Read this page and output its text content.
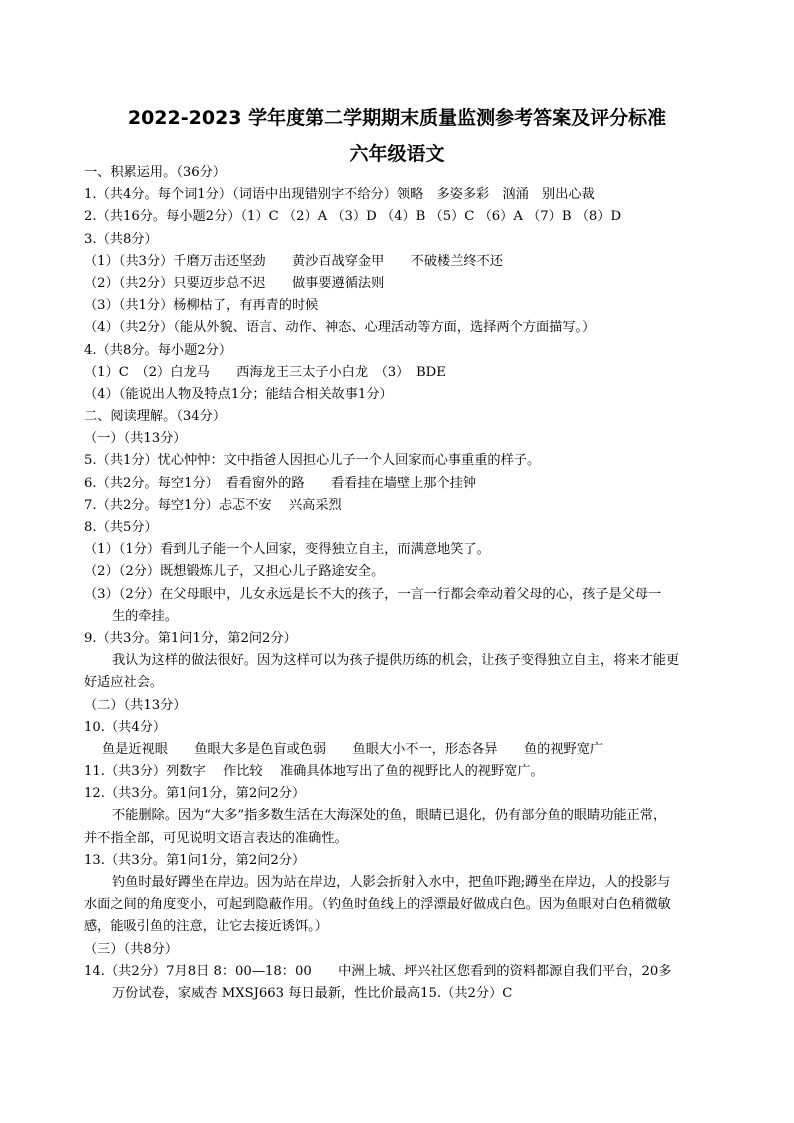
2022-2023 学年度第二学期期末质量监测参考答案及评分标准
六年级语文
一、积累运用。（36分）
1.（共4分。每个词1分）（词语中出现错别字不给分）领略　多姿多彩　汹涌　别出心裁
2.（共16分。每小题2分）（1）C （2）A （3）D （4）B （5）C （6）A （7）B （8）D
3.（共8分）
（1）（共3分）千磨万击还坚劲　　黄沙百战穿金甲　　不破楼兰终不还
（2）（共2分）只要迈步总不迟　　做事要遵循法则
（3）（共1分）杨柳枯了，有再青的时候
（4）（共2分）（能从外貌、语言、动作、神态、心理活动等方面，选择两个方面描写。）
4.（共8分。每小题2分）
（1）C　（2）白龙马　　西海龙王三太子小白龙　（3）　BDE
（4）（能说出人物及特点1分；能结合相关故事1分）
二、阅读理解。（34分）
（一）（共13分）
5.（共1分）忧心忡忡：文中指爸人因担心儿子一个人回家而心事重重的样子。
6.（共2分。每空1分）　看看窗外的路　　看看挂在墙壁上那个挂钟
7.（共2分。每空1分）忐忑不安　 兴高采烈
8.（共5分）
（1）（1分）看到儿子能一个人回家，变得独立自主，而满意地笑了。
（2）（2分）既想锻炼儿子，又担心儿子路途安全。
（3）（2分）在父母眼中，儿女永远是长不大的孩子，一言一行都会牵动着父母的心，孩子是父母一
生的牵挂。
9.（共3分。第1问1分，第2问2分）
我认为这样的做法很好。因为这样可以为孩子提供历练的机会，让孩子变得独立自主，将来才能更
好适应社会。
（二）（共13分）
10.（共4分）
鱼是近视眼　　鱼眼大多是色盲或色弱　　鱼眼大小不一，形态各异　　鱼的视野宽广
11.（共3分）列数字　 作比较　 准确具体地写出了鱼的视野比人的视野宽广。
12.（共3分。第1问1分，第2问2分）
不能删除。因为“大多”指多数生活在大海深处的鱼，眼睛已退化，仍有部分鱼的眼睛功能正常，
并不指全部，可见说明文语言表达的准确性。
13.（共3分。第1问1分，第2问2分）
钓鱼时最好蹲坐在岸边。因为站在岸边，人影会折射入水中，把鱼吓跑;蹲坐在岸边，人的投影与
水面之间的角度变小，可起到隐蔽作用。（钓鱼时鱼线上的浮漂最好做成白色。因为鱼眼对白色稍微敏
感，能吸引鱼的注意，让它去接近诱饵。）
（三）（共8分）
14.（共2分）7月8日 8：00—18：00　　中洲上城、坪兴社区您看到的资料都源自我们平台，20多
万份试卷，家威杏 MXSJ663 每日最新，性比价最高15.（共2分）C
